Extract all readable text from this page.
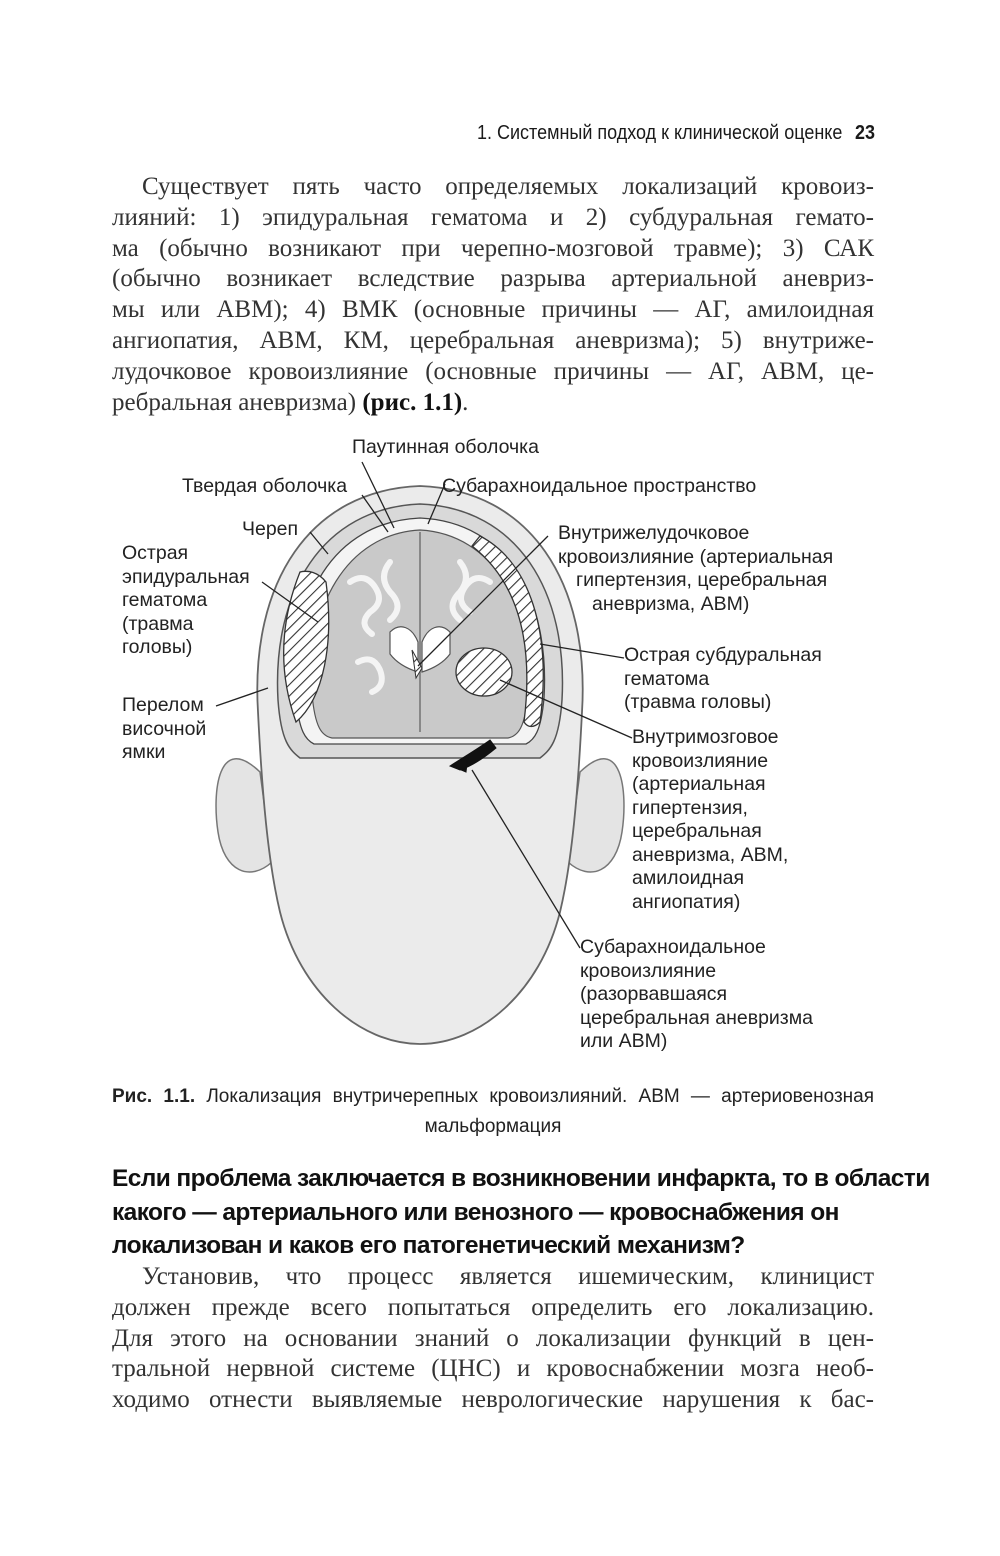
1. Системный подход к клинической оценке 23
Существует пять часто определяемых локализаций кровоиз-
лияний: 1) эпидуральная гематома и 2) субдуральная гемато-
ма (обычно возникают при черепно-мозговой травме); 3) САК
(обычно возникает вследствие разрыва артериальной аневриз-
мы или АВМ); 4) ВМК (основные причины — АГ, амилоидная
ангиопатия, АВМ, КМ, церебральная аневризма); 5) внутриже-
лудочковое кровоизлияние (основные причины — АГ, АВМ, це-
ребральная аневризма) (рис. 1.1).
Паутинная оболочка
Твердая оболочка	Субарахноидальное пространство
Череп
Острая
эпидуральная
гематома
(травма
головы)
Перелом
височной
ямки
Внутрижелудочковое
кровоизлияние (артериальная
гипертензия, церебральная
аневризма, АВМ)
Острая субдуральная
гематома
(травма головы)
Внутримозговое
кровоизлияние
(артериальная
гипертензия,
церебральная
аневризма, АВМ,
амилоидная
ангиопатия)
Субарахноидальное
кровоизлияние
(разорвавшаяся
церебральная аневризма
или АВМ)
Рис. 1.1. Локализация внутричерепных кровоизлияний. АВМ — артериовенозная
мальформация
Если проблема заключается в возникновении инфаркта, то в области
какого — артериального или венозного — кровоснабжения он
локализован и каков его патогенетический механизм?
Установив, что процесс является ишемическим, клиницист
должен прежде всего попытаться определить его локализацию.
Для этого на основании знаний о локализации функций в цен-
тральной нервной системе (ЦНС) и кровоснабжении мозга необ-
ходимо отнести выявляемые неврологические нарушения к бас-
